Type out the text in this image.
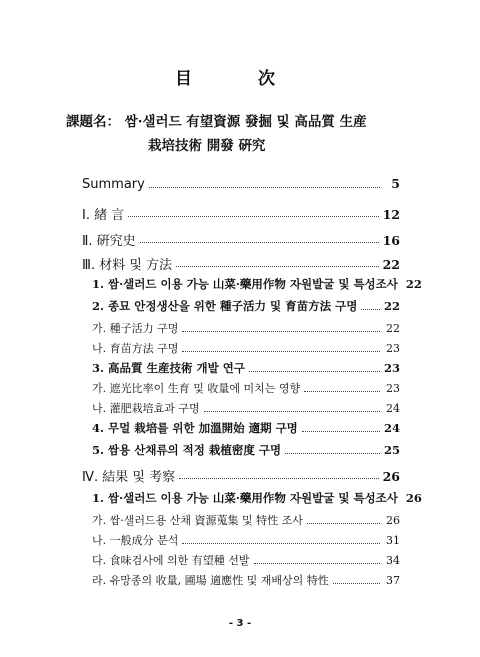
目 次
課題名： 쌈·샐러드 有望資源 發掘 및 高品質 生産
栽培技術 開發 硏究
Summary	5
Ⅰ. 緖 言	12
Ⅱ. 硏究史	16
Ⅲ. 材料 및 方法	22
1. 쌈·샐러드 이용 가능 山菜·藥用作物 자원발굴 및 특성조사 22
2. 종묘 안정생산을 위한 種子活力 및 育苗方法 구명 22
가. 種子活力 구명	22
나. 育苗方法 구명	23
3. 高品質 生産技術 개발 연구	23
가. 遮光比率이 生育 및 收量에 미치는 영향	23
나. 灌肥栽培효과 구명	24
4. 무멀 栽培를 위한 加溫開始 適期 구명	24
5. 쌈용 산채류의 적정 栽植密度 구명	25
Ⅳ. 結果 및 考察	26
1. 쌈·샐러드 이용 가능 山菜·藥用作物 자원발굴 및 특성조사 26
가. 쌈·샐러드용 산채 資源蒐集 및 特性 조사	26
나. 一般成分 분석	31
다. 食味검사에 의한 有望種 선발	34
라. 유망종의 收量, 圃場 適應性 및 재배상의 特性	37
- 3 -
